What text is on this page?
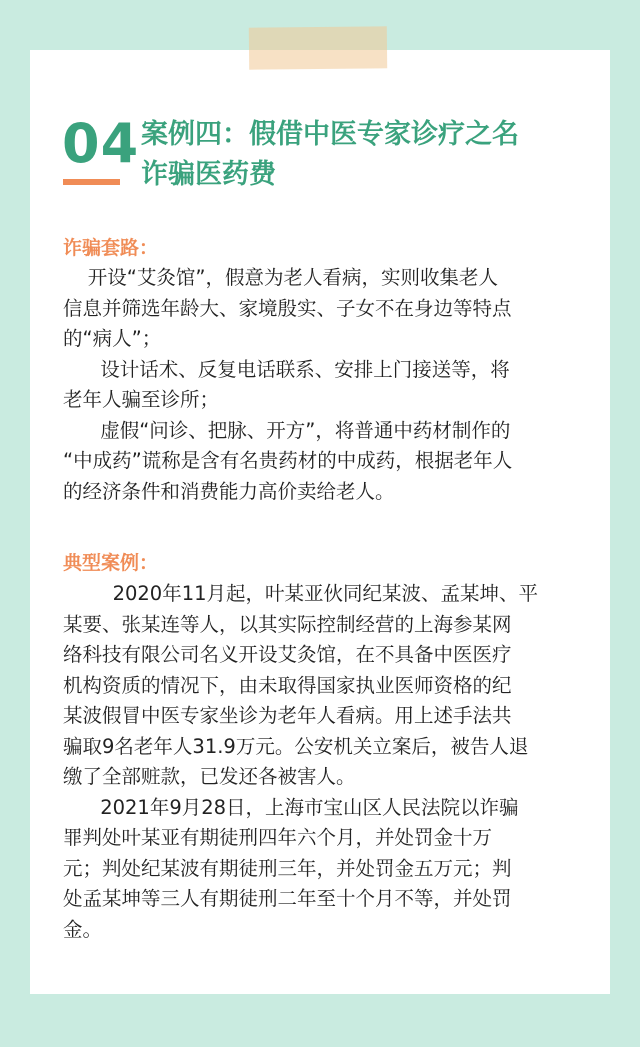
04 案例四：假借中医专家诊疗之名
诈骗医药费
诈骗套路：
开设“艾灸馆”，假意为老人看病，实则收集老人
信息并筛选年龄大、家境殷实、子女不在身边等特点
的“病人”；
设计话术、反复电话联系、安排上门接送等，将
老年人骗至诊所；
虚假“问诊、把脉、开方”，将普通中药材制作的
“中成药”谎称是含有名贵药材的中成药，根据老年人
的经济条件和消费能力高价卖给老人。
典型案例：
2020年11月起，叶某亚伙同纪某波、孟某坤、平
某要、张某连等人，以其实际控制经营的上海参某网
络科技有限公司名义开设艾灸馆，在不具备中医医疗
机构资质的情况下，由未取得国家执业医师资格的纪
某波假冒中医专家坐诊为老年人看病。用上述手法共
骗取9名老年人31.9万元。公安机关立案后，被告人退
缴了全部赃款，已发还各被害人。
2021年9月28日，上海市宝山区人民法院以诈骗
罪判处叶某亚有期徒刑四年六个月，并处罚金十万
元；判处纪某波有期徒刑三年，并处罚金五万元；判
处孟某坤等三人有期徒刑二年至十个月不等，并处罚
金。
